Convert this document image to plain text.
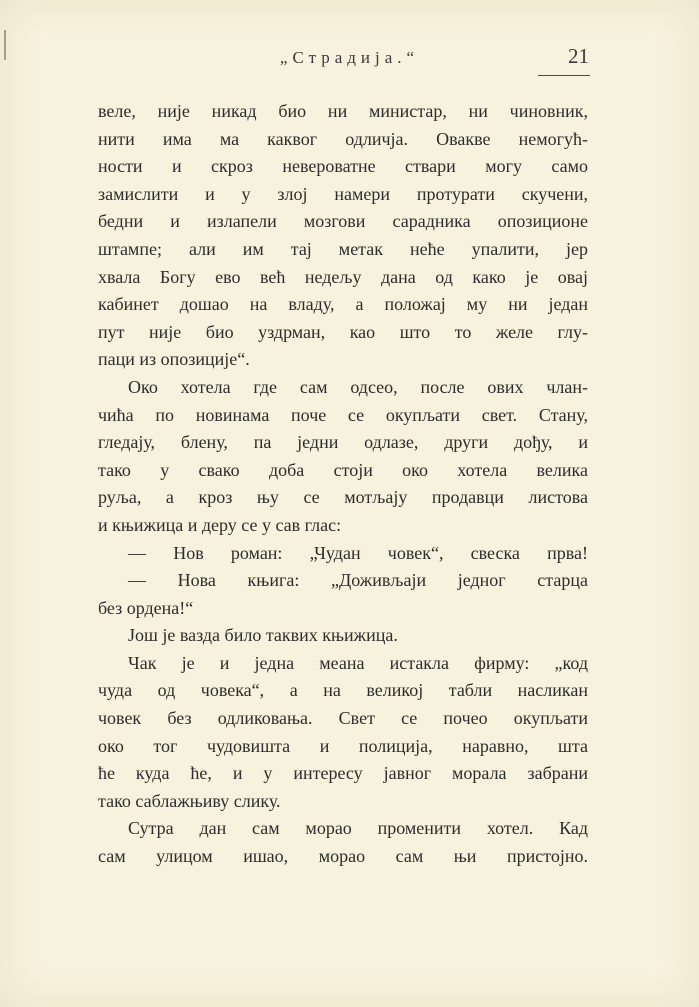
„Страдија.“	21
веле, није никад био ни министар, ни чиновник,
нити има ма каквог одличја. Овакве немогућ-
ности и скроз невероватне ствари могу само
замислити и у злој намери протурати скучени,
бедни и излапели мозгови сарадника опозиционе
штампе; али им тај метак неће упалити, јер
хвала Богу ево већ недељу дана од како је овај
кабинет дошао на владу, а положај му ни један
пут није био уздрман, као што то желе глу-
паци из опозиције“.
Око хотела где сам одсео, после ових члан-
чића по новинама поче се окупљати свет. Стану,
гледају, блену, па једни одлазе, други дођу, и
тако у свако доба стоји око хотела велика
руља, а кроз њу се мотљају продавци листова
и књижица и деру се у сав глас:
— Нов роман: „Чудан човек“, свеска прва!
— Нова књига: „Доживљаји једног старца
без ордена!“
Још је вазда било таквих књижица.
Чак је и једна меана истакла фирму: „код
чуда од човека“, а на великој табли насликан
човек без одликовања. Свет се почео окупљати
око тог чудовишта и полиција, наравно, шта
ће куда ће, и у интересу јавног морала забрани
тако саблажњиву слику.
Сутра дан сам морао променити хотел. Кад
сам улицом ишао, морао сам њи пристојно.
